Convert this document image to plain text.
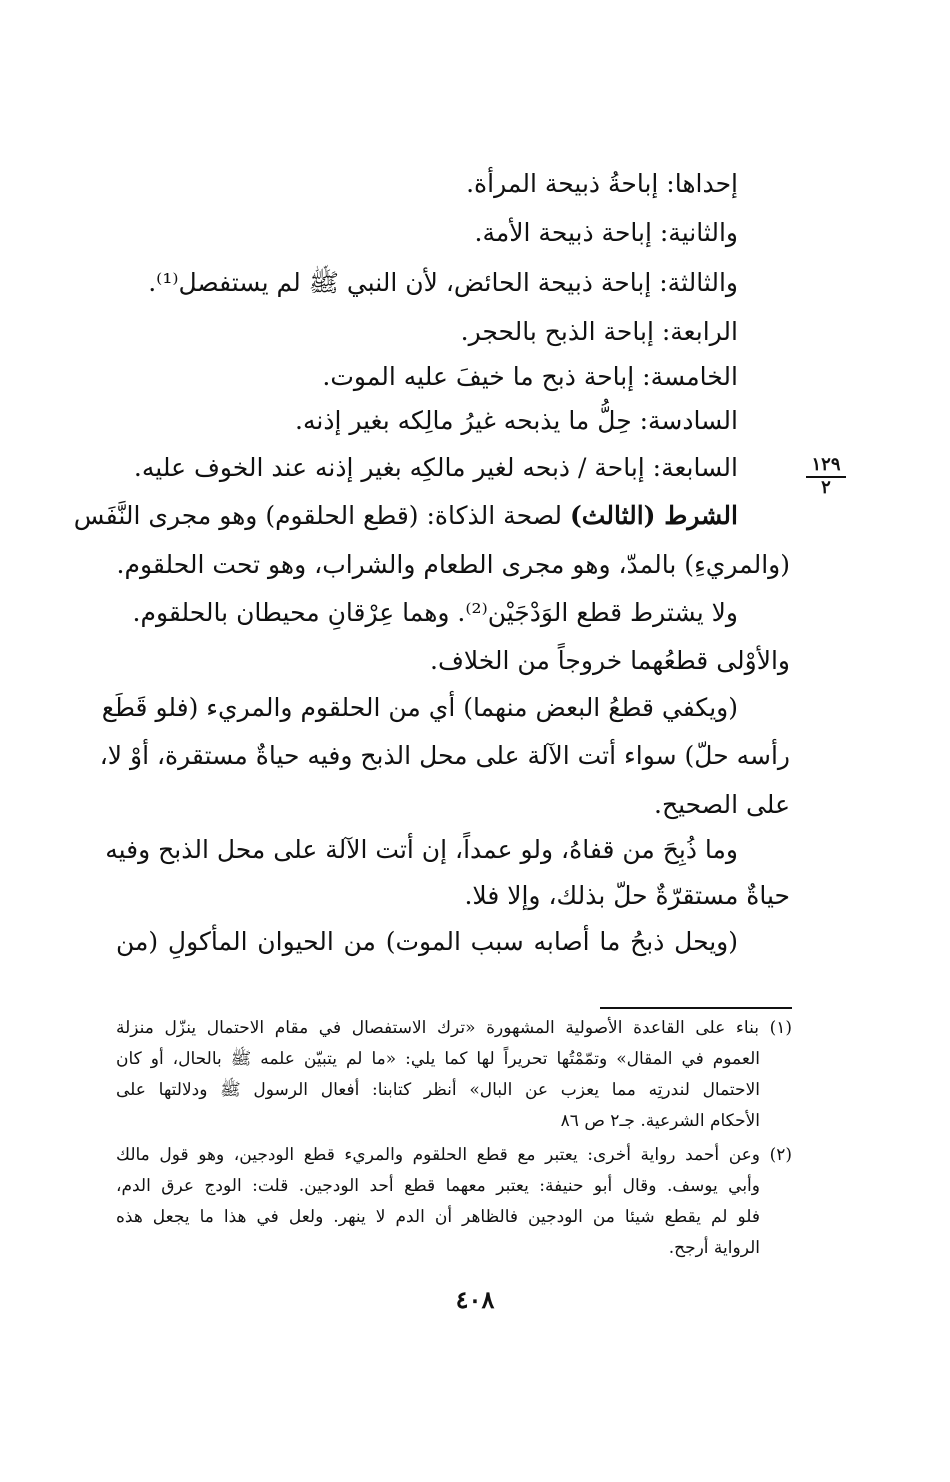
إحداها: إباحةُ ذبيحة المرأة.
والثانية: إباحة ذبيحة الأمة.
والثالثة: إباحة ذبيحة الحائض، لأن النبي ﷺ لم يستفصل⁽¹⁾.
الرابعة: إباحة الذبح بالحجر.
الخامسة: إباحة ذبح ما خيفَ عليه الموت.
السادسة: حِلُّ ما يذبحه غيرُ مالِكه بغير إذنه.
السابعة: إباحة / ذبحه لغير مالكِه بغير إذنه عند الخوف عليه.	١٢٩
٢
الشرط (الثالث) لصحة الذكاة: (قطع الحلقوم) وهو مجرى النَّفَس
(والمريءِ) بالمدّ، وهو مجرى الطعام والشراب، وهو تحت الحلقوم.
ولا يشترط قطع الوَدْجَيْن⁽²⁾. وهما عِرْقانِ محيطان بالحلقوم.
والأوْلى قطعُهما خروجاً من الخلاف.
(ويكفي قطعُ البعض منهما) أي من الحلقوم والمريء (فلو قَطَع
رأسه حلّ) سواء أتت الآلة على محل الذبح وفيه حياةٌ مستقرة، أوْ لا،
على الصحيح.
وما ذُبِحَ من قفاهُ، ولو عمداً، إن أتت الآلة على محل الذبح وفيه
حياةٌ مستقرّةٌ حلّ بذلك، وإلا فلا.
(ويحل ذبحُ ما أصابه سبب الموت) من الحيوان المأكولِ (من
(١) بناء على القاعدة الأصولية المشهورة «ترك الاستفصال في مقام الاحتمال ينزّل منزلة
العموم في المقال» وتمّمْتُها تحريراً لها كما يلي: «ما لم يتبيّن علمه ﷺ بالحال، أو كان
الاحتمال لندرتِه مما يعزب عن البال» أنظر كتابنا: أفعال الرسول ﷺ ودلالتها على
الأحكام الشرعية. جـ٢ ص ٨٦
(٢) وعن أحمد رواية أخرى: يعتبر مع قطع الحلقوم والمريء قطع الودجين، وهو قول مالك
وأبي يوسف. وقال أبو حنيفة: يعتبر معهما قطع أحد الودجين. قلت: الودج عرق الدم،
فلو لم يقطع شيئا من الودجين فالظاهر أن الدم لا ينهر. ولعل في هذا ما يجعل هذه
الرواية أرجح.
٤٠٨
